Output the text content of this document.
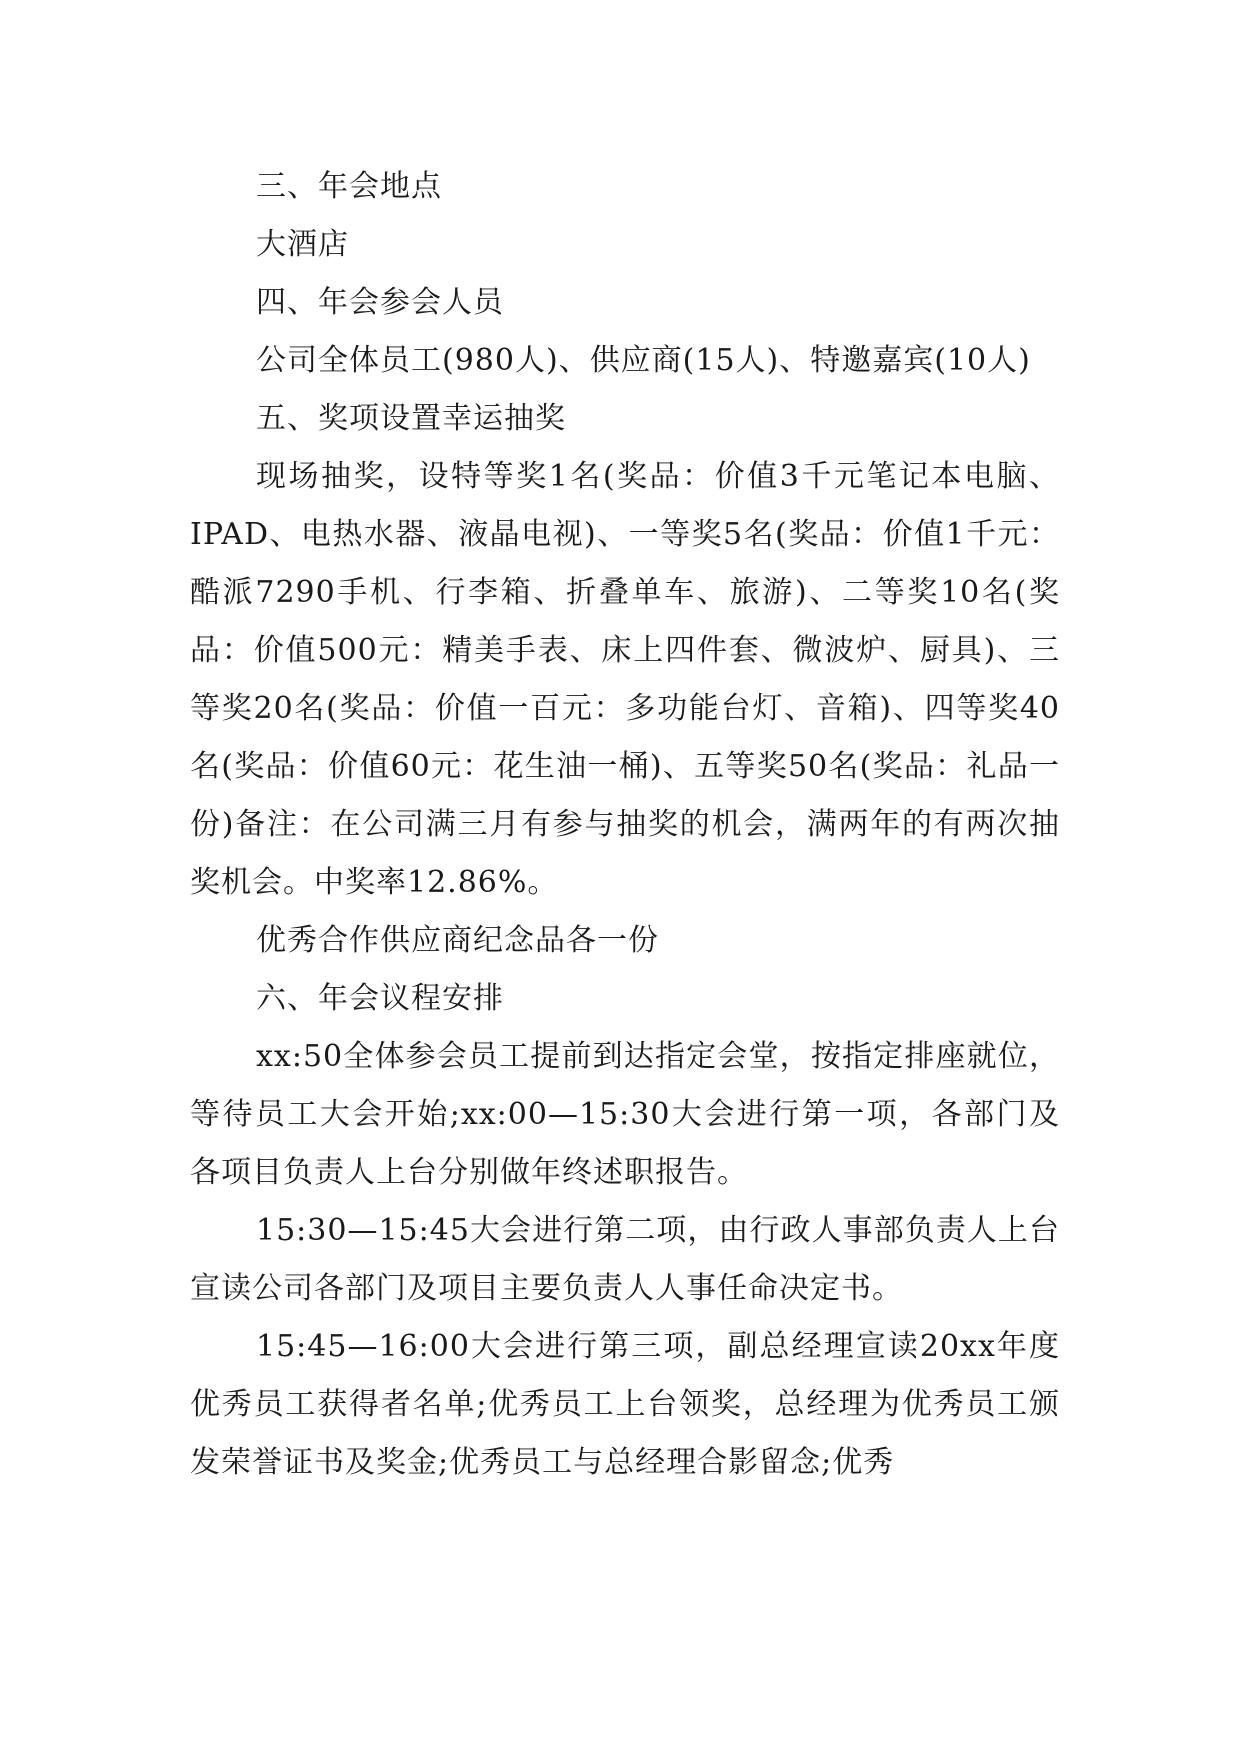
三、年会地点

大酒店

四、年会参会人员

公司全体员工(980人)、供应商(15人)、特邀嘉宾(10人)

五、奖项设置幸运抽奖

现场抽奖，设特等奖1名(奖品：价值3千元笔记本电脑、IPAD、电热水器、液晶电视)、一等奖5名(奖品：价值1千元：酷派7290手机、行李箱、折叠单车、旅游)、二等奖10名(奖品：价值500元：精美手表、床上四件套、微波炉、厨具)、三等奖20名(奖品：价值一百元：多功能台灯、音箱)、四等奖40名(奖品：价值60元：花生油一桶)、五等奖50名(奖品：礼品一份)备注：在公司满三月有参与抽奖的机会，满两年的有两次抽奖机会。中奖率12.86%。

优秀合作供应商纪念品各一份

六、年会议程安排

xx:50全体参会员工提前到达指定会堂，按指定排座就位，等待员工大会开始;xx:00—15:30大会进行第一项，各部门及各项目负责人上台分别做年终述职报告。

15:30—15:45大会进行第二项，由行政人事部负责人上台宣读公司各部门及项目主要负责人人事任命决定书。

15:45—16:00大会进行第三项，副总经理宣读20xx年度优秀员工获得者名单;优秀员工上台领奖，总经理为优秀员工颁发荣誉证书及奖金;优秀员工与总经理合影留念;优秀
